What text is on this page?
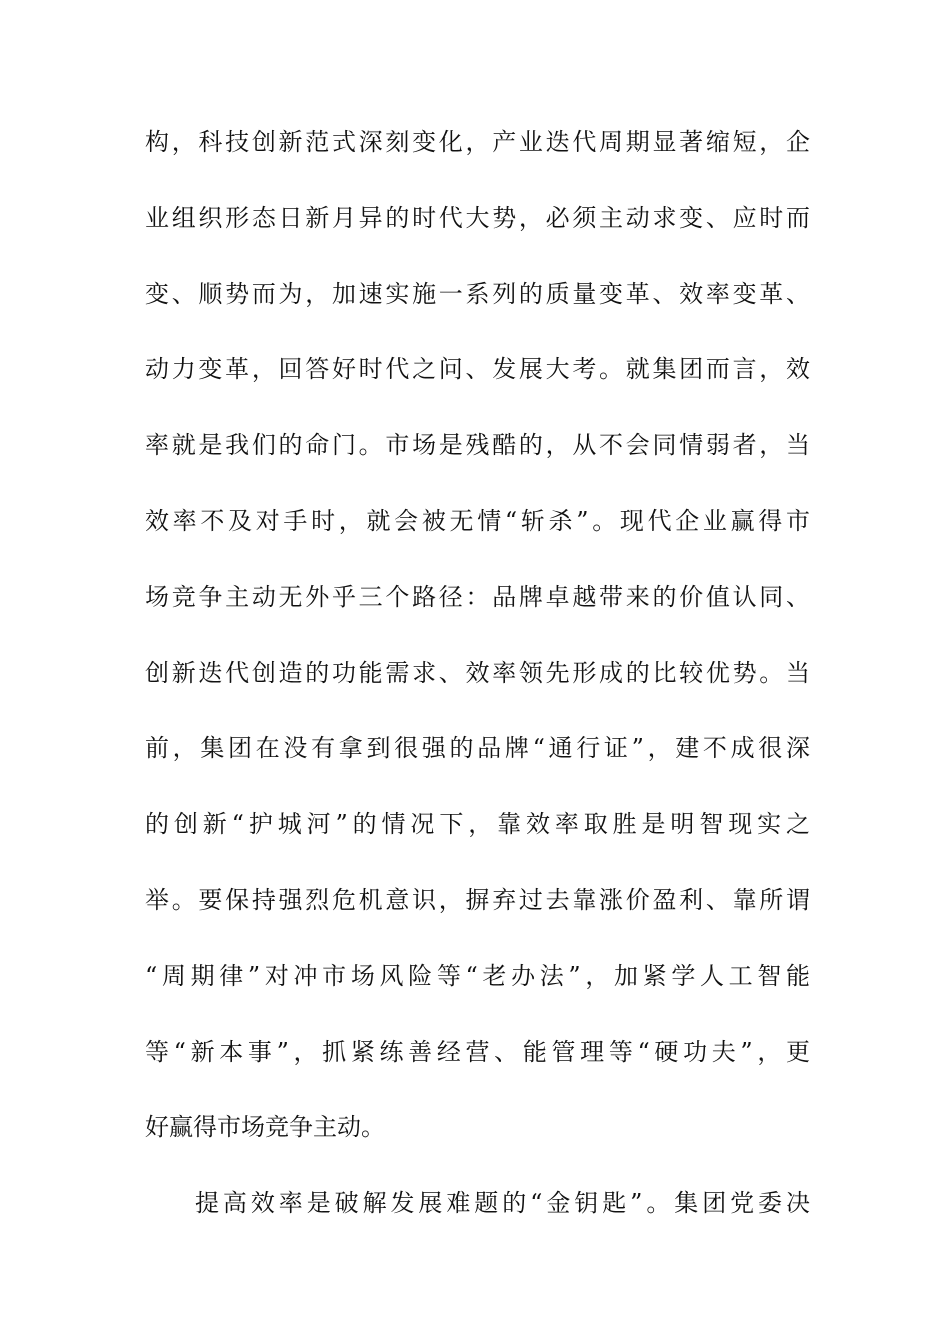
构，科技创新范式深刻变化，产业迭代周期显著缩短，企
业组织形态日新月异的时代大势，必须主动求变、应时而
变、顺势而为，加速实施一系列的质量变革、效率变革、
动力变革，回答好时代之问、发展大考。就集团而言，效
率就是我们的命门。市场是残酷的，从不会同情弱者，当
效率不及对手时，就会被无情“斩杀”。现代企业赢得市
场竞争主动无外乎三个路径：品牌卓越带来的价值认同、
创新迭代创造的功能需求、效率领先形成的比较优势。当
前，集团在没有拿到很强的品牌“通行证”，建不成很深
的创新“护城河”的情况下，靠效率取胜是明智现实之
举。要保持强烈危机意识，摒弃过去靠涨价盈利、靠所谓
“周期律”对冲市场风险等“老办法”，加紧学人工智能
等“新本事”，抓紧练善经营、能管理等“硬功夫”，更
好赢得市场竞争主动。
提高效率是破解发展难题的“金钥匙”。集团党委决
